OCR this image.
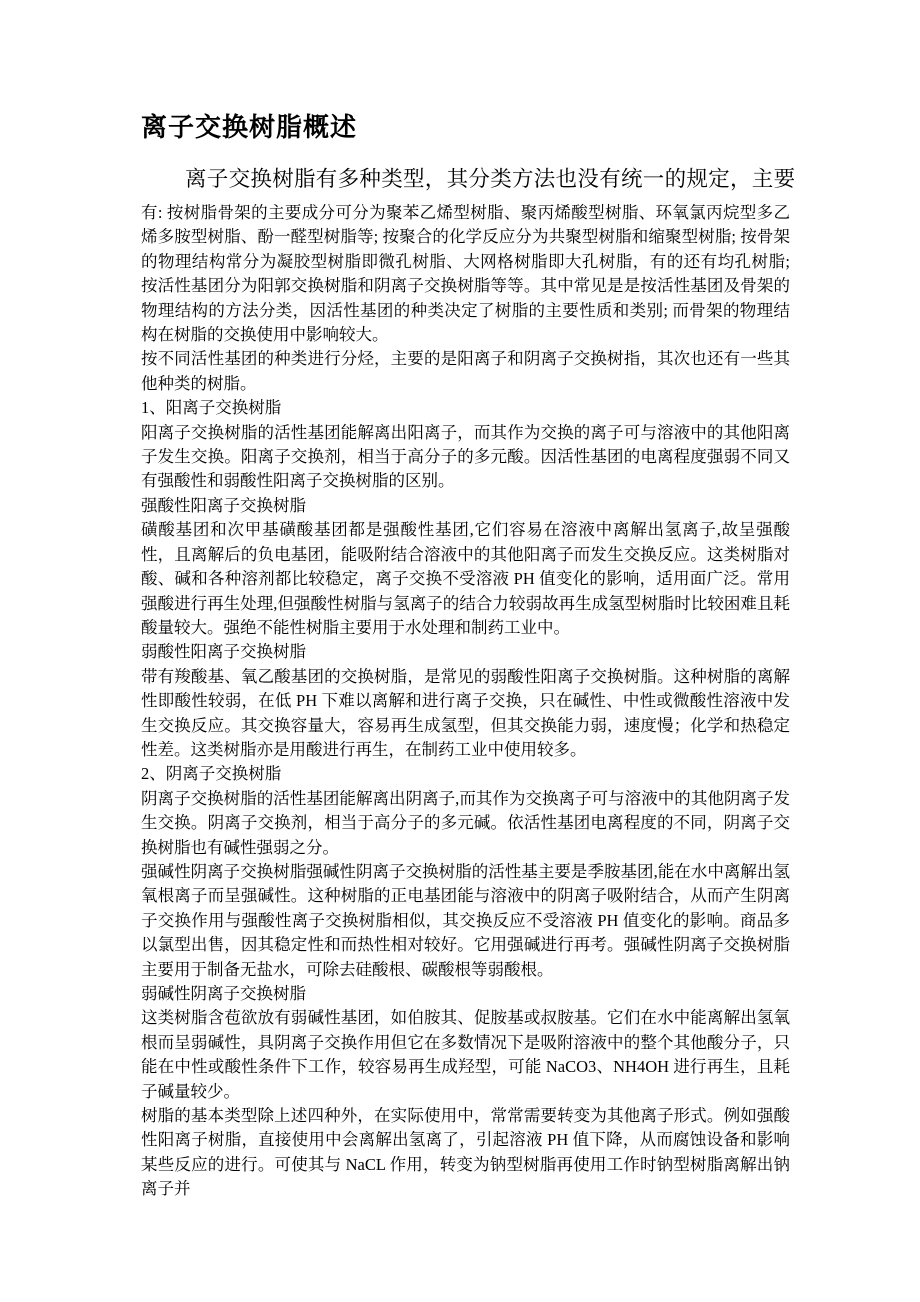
离子交换树脂概述

离子交换树脂有多种类型，其分类方法也没有统一的规定，主要

有: 按树脂骨架的主要成分可分为聚苯乙烯型树脂、聚丙烯酸型树脂、环氧氯丙烷型多乙烯多胺型树脂、酚一醛型树脂等; 按聚合的化学反应分为共聚型树脂和缩聚型树脂; 按骨架的物理结构常分为凝胶型树脂即微孔树脂、大网格树脂即大孔树脂，有的还有均孔树脂; 按活性基团分为阳郭交换树脂和阴离子交换树脂等等。其中常见是是按活性基团及骨架的物理结构的方法分类，因活性基团的种类决定了树脂的主要性质和类别; 而骨架的物理结构在树脂的交换使用中影响较大。

按不同活性基团的种类进行分烃，主要的是阳离子和阴离子交换树指，其次也还有一些其他种类的树脂。

1、阳离子交换树脂

阳离子交换树脂的活性基团能解离出阳离子，而其作为交换的离子可与溶液中的其他阳离子发生交换。阳离子交换剂，相当于高分子的多元酸。因活性基团的电离程度强弱不同又有强酸性和弱酸性阳离子交换树脂的区别。

强酸性阳离子交换树脂

磺酸基团和次甲基磺酸基团都是强酸性基团,它们容易在溶液中离解出氢离子,故呈强酸性，且离解后的负电基团，能吸附结合溶液中的其他阳离子而发生交换反应。这类树脂对酸、碱和各种溶剂都比较稳定，离子交换不受溶液 PH 值变化的影响，适用面广泛。常用强酸进行再生处理,但强酸性树脂与氢离子的结合力较弱故再生成氢型树脂时比较困难且耗酸量较大。强绝不能性树脂主要用于水处理和制药工业中。

弱酸性阳离子交换树脂

带有羧酸基、氧乙酸基团的交换树脂，是常见的弱酸性阳离子交换树脂。这种树脂的离解性即酸性较弱，在低 PH 下难以离解和进行离子交换，只在碱性、中性或微酸性溶液中发生交换反应。其交换容量大，容易再生成氢型，但其交换能力弱，速度慢；化学和热稳定性差。这类树脂亦是用酸进行再生，在制药工业中使用较多。

2、阴离子交换树脂

阴离子交换树脂的活性基团能解离出阴离子,而其作为交换离子可与溶液中的其他阴离子发生交换。阴离子交换剂，相当于高分子的多元碱。依活性基团电离程度的不同，阴离子交换树脂也有碱性强弱之分。

强碱性阴离子交换树脂强碱性阴离子交换树脂的活性基主要是季胺基团,能在水中离解出氢氧根离子而呈强碱性。这种树脂的正电基团能与溶液中的阴离子吸附结合，从而产生阴离子交换作用与强酸性离子交换树脂相似，其交换反应不受溶液 PH 值变化的影响。商品多以氯型出售，因其稳定性和而热性相对较好。它用强碱进行再考。强碱性阴离子交换树脂主要用于制备无盐水，可除去硅酸根、碳酸根等弱酸根。

弱碱性阴离子交换树脂

这类树脂含苞欲放有弱碱性基团，如伯胺其、促胺基或叔胺基。它们在水中能离解出氢氧根而呈弱碱性，具阴离子交换作用但它在多数情况下是吸附溶液中的整个其他酸分子，只能在中性或酸性条件下工作，较容易再生成羟型，可能 NaCO3、NH4OH 进行再生，且耗子碱量较少。

树脂的基本类型除上述四种外，在实际使用中，常常需要转变为其他离子形式。例如强酸性阳离子树脂，直接使用中会离解出氢离了，引起溶液 PH 值下降，从而腐蚀设备和影响某些反应的进行。可使其与 NaCL 作用，转变为钠型树脂再使用工作时钠型树脂离解出钠离子并
